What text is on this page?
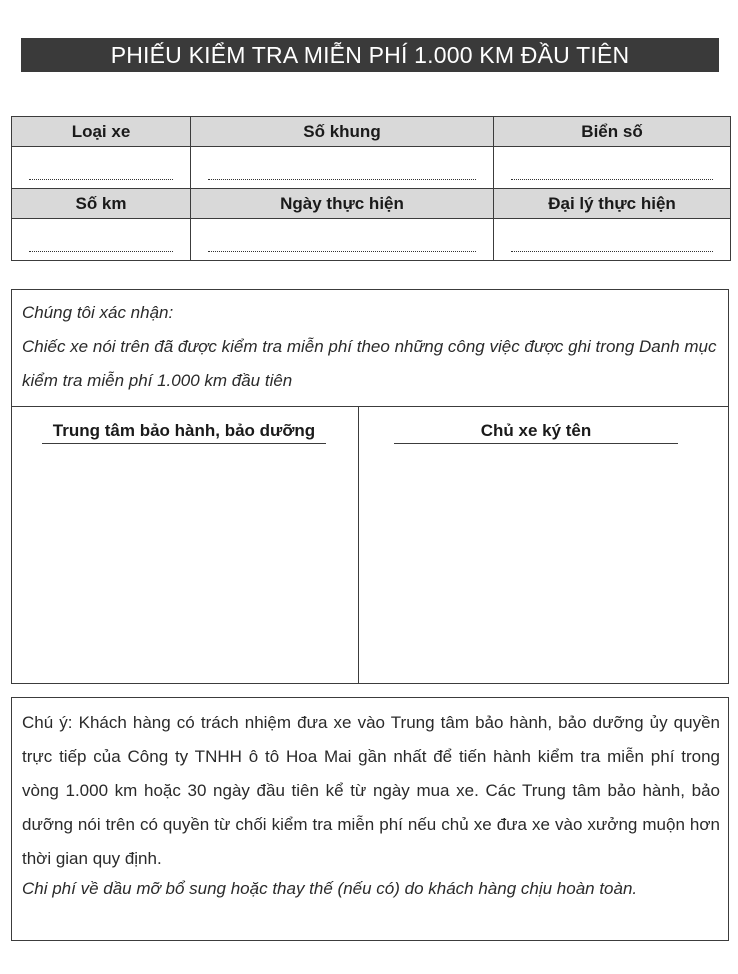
PHIẾU KIỂM TRA MIỄN PHÍ 1.000 KM ĐẦU TIÊN
Loại xe	Số khung	Biển số

Số km	Ngày thực hiện	Đại lý thực hiện

Chúng tôi xác nhận:
Chiếc xe nói trên đã được kiểm tra miễn phí theo những công việc được ghi trong Danh mục kiểm tra miễn phí 1.000 km đầu tiên
Trung tâm bảo hành, bảo dưỡng	Chủ xe ký tên
Chú ý: Khách hàng có trách nhiệm đưa xe vào Trung tâm bảo hành, bảo dưỡng ủy quyền trực tiếp của Công ty TNHH ô tô Hoa Mai gần nhất để tiến hành kiểm tra miễn phí trong vòng 1.000 km hoặc 30 ngày đầu tiên kể từ ngày mua xe. Các Trung tâm bảo hành, bảo dưỡng nói trên có quyền từ chối kiểm tra miễn phí nếu chủ xe đưa xe vào xưởng muộn hơn thời gian quy định.
Chi phí về dầu mỡ bổ sung hoặc thay thế (nếu có) do khách hàng chịu hoàn toàn.
